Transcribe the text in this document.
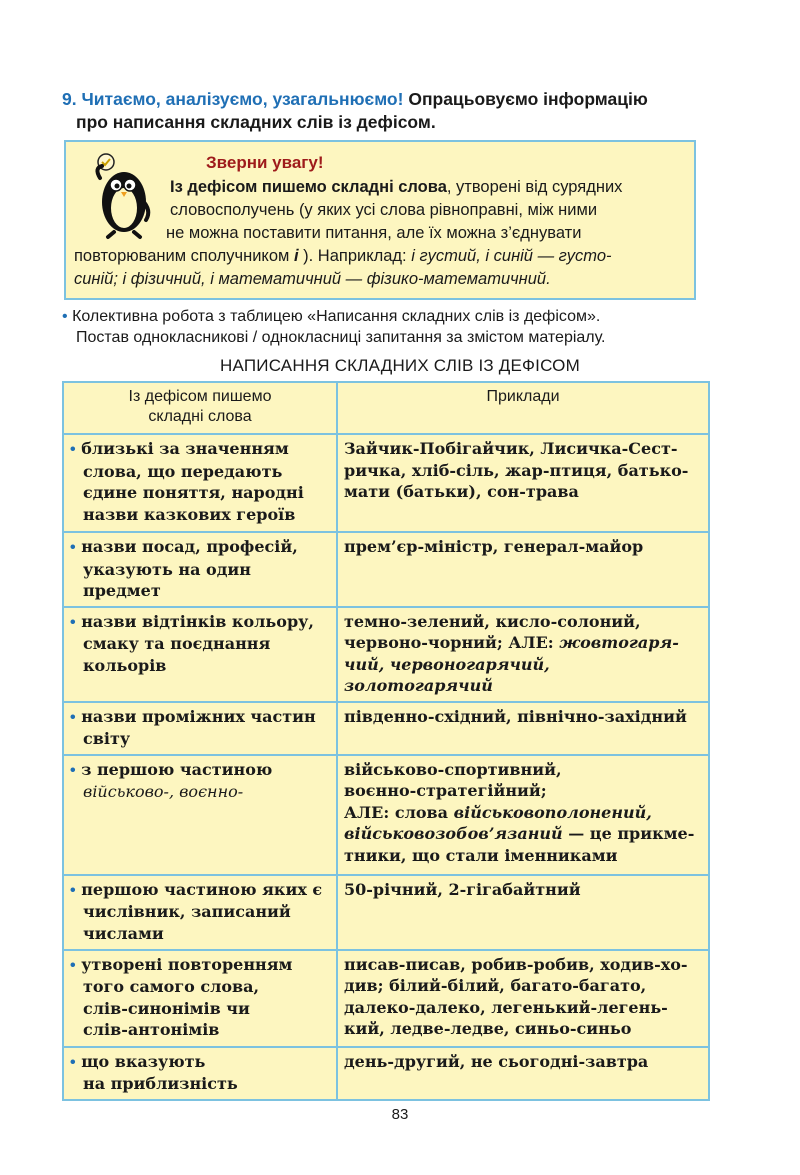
9. Читаємо, аналізуємо, узагальнюємо! Опрацьовуємо інформацію
про написання складних слів із дефісом.
Зверни увагу!
Із дефісом пишемо складні слова, утворені від сурядних
словосполучень (у яких усі слова рівноправні, між ними
не можна поставити питання, але їх можна з’єднувати
повторюваним сполучником і ). Наприклад: і густий, і синій — густо-
синій; і фізичний, і математичний — фізико-математичний.
• Колективна робота з таблицею «Написання складних слів із дефісом».
Постав однокласникові / однокласниці запитання за змістом матеріалу.
НАПИСАННЯ СКЛАДНИХ СЛІВ ІЗ ДЕФІСОМ
Із дефісом пишемо
складні слова	Приклади
• близькі за значенням
слова, що передають
єдине поняття, народні
назви казкових героїв	Зайчик-Побігайчик, Лисичка-Сест-
ричка, хліб-сіль, жар-птиця, батько-
мати (батьки), сон-трава
• назви посад, професій,
указують на один предмет	прем’єр-міністр, генерал-майор
• назви відтінків кольору,
смаку та поєднання
кольорів	темно-зелений, кисло-солоний,
червоно-чорний; АЛЕ: жовтогаря-
чий, червоногарячий, золотогарячий
• назви проміжних частин
світу	південно-східний, північно-західний
• з першою частиною
військово-, воєнно-	військово-спортивний,
воєнно-стратегійний;
АЛЕ: слова військовополонений,
військовозобов’язаний — це прикме-
тники, що стали іменниками
• першою частиною яких є
числівник, записаний
числами	50-річний, 2-гігабайтний
• утворені повторенням
того самого слова,
слів-синонімів чи
слів-антонімів	писав-писав, робив-робив, ходив-хо-
див; білий-білий, багато-багато,
далеко-далеко, легенький-легень-
кий, ледве-ледве, синьо-синьо
• що вказують
на приблизність	день-другий, не сьогодні-завтра
83
